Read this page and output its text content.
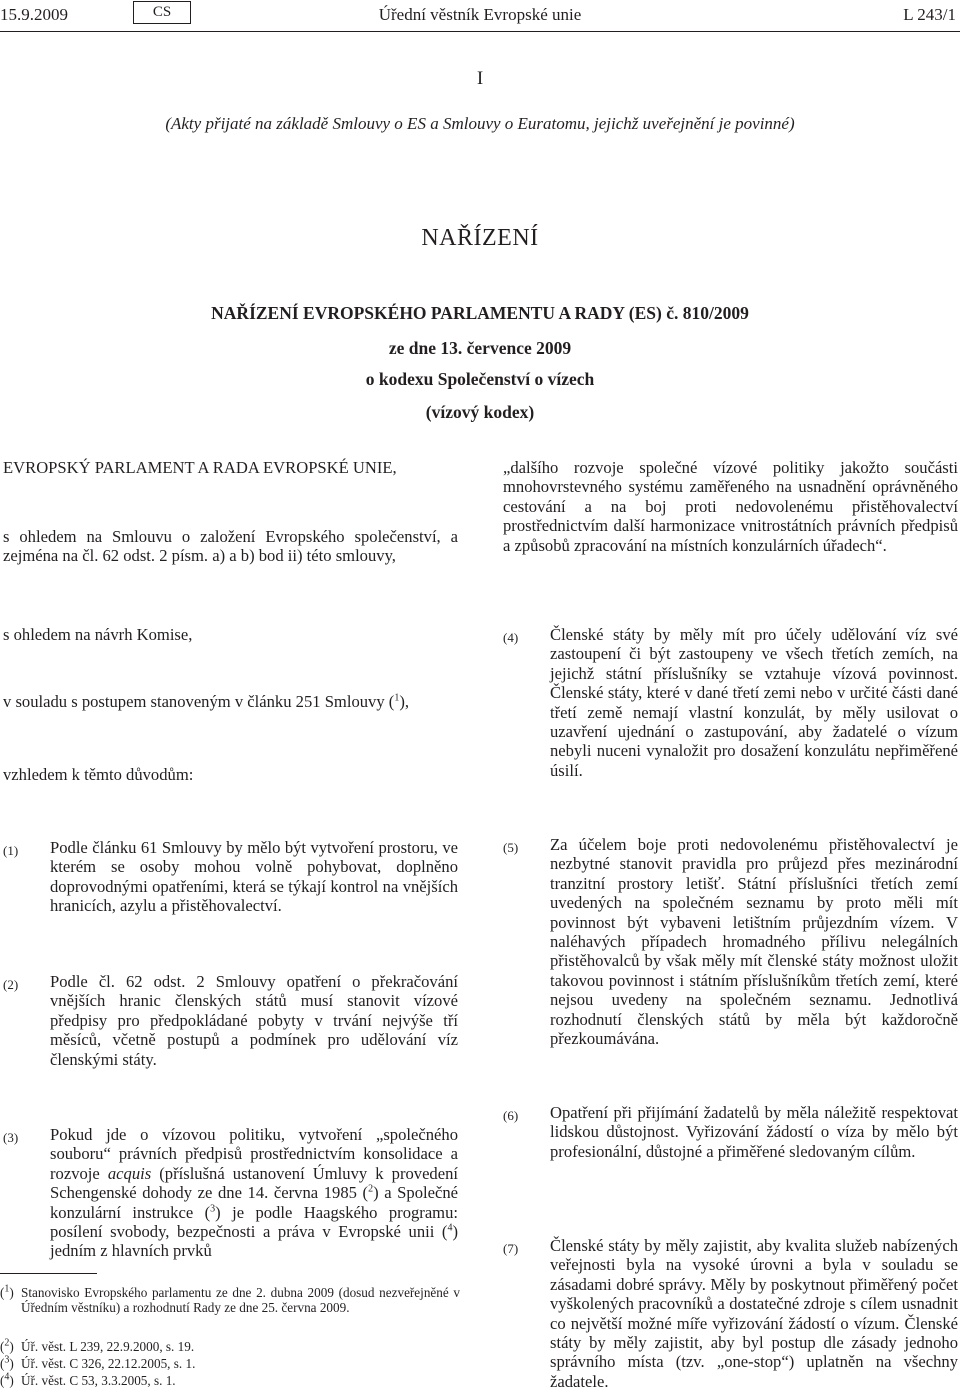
15.9.2009	CS	Úřední věstník Evropské unie	L 243/1
I
(Akty přijaté na základě Smlouvy o ES a Smlouvy o Euratomu, jejichž uveřejnění je povinné)
NAŘÍZENÍ
NAŘÍZENÍ EVROPSKÉHO PARLAMENTU A RADY (ES) č. 810/2009
ze dne 13. července 2009
o kodexu Společenství o vízech
(vízový kodex)

EVROPSKÝ PARLAMENT A RADA EVROPSKÉ UNIE,

s ohledem na Smlouvu o založení Evropského společenství, a zejména na čl. 62 odst. 2 písm. a) a b) bod ii) této smlouvy,

s ohledem na návrh Komise,

v souladu s postupem stanoveným v článku 251 Smlouvy ($^1$),

vzhledem k těmto důvodům:

„dalšího rozvoje společné vízové politiky jakožto součásti mnohovrstevného systému zaměřeného na usnadnění oprávněného cestování a na boj proti nedovolenému přistěhovalectví prostřednictvím další harmonizace vnitrostátních právních předpisů a způsobů zpracování na místních konzulárních úřadech“.

(1) Podle článku 61 Smlouvy by mělo být vytvoření prostoru, ve kterém se osoby mohou volně pohybovat, doplněno doprovodnými opatřeními, která se týkají kontrol na vnějších hranicích, azylu a přistěhovalectví.
(2) Podle čl. 62 odst. 2 Smlouvy opatření o překračování vnějších hranic členských států musí stanovit vízové předpisy pro předpokládané pobyty v trvání nejvýše tří měsíců, včetně postupů a podmínek pro udělování víz členskými státy.
(3) Pokud jde o vízovou politiku, vytvoření „společného souboru“ právních předpisů prostřednictvím konsolidace a rozvoje acquis (příslušná ustanovení Úmluvy k provedení Schengenské dohody ze dne 14. června 1985 ($^2$) a Společné konzulární instrukce ($^3$) je podle Haagského programu: posílení svobody, bezpečnosti a práva v Evropské unii ($^4$) jedním z hlavních prvků
(4) Členské státy by měly mít pro účely udělování víz své zastoupení či být zastoupeny ve všech třetích zemích, na jejichž státní příslušníky se vztahuje vízová povinnost. Členské státy, které v dané třetí zemi nebo v určité části dané třetí země nemají vlastní konzulát, by měly usilovat o uzavření ujednání o zastupování, aby žadatelé o vízum nebyli nuceni vynaložit pro dosažení konzulátu nepřiměřené úsilí.
(5) Za účelem boje proti nedovolenému přistěhovalectví je nezbytné stanovit pravidla pro průjezd přes mezinárodní tranzitní prostory letišť. Státní příslušníci třetích zemí uvedených na společném seznamu by proto měli mít povinnost být vybaveni letištním průjezdním vízem. V naléhavých případech hromadného přílivu nelegálních přistěhovalců by však měly mít členské státy možnost uložit takovou povinnost i státním příslušníkům třetích zemí, které nejsou uvedeny na společném seznamu. Jednotlivá rozhodnutí členských států by měla být každoročně přezkoumávána.
(6) Opatření při přijímání žadatelů by měla náležitě respektovat lidskou důstojnost. Vyřizování žádostí o víza by mělo být profesionální, důstojné a přiměřené sledovaným cílům.
(7) Členské státy by měly zajistit, aby kvalita služeb nabízených veřejnosti byla na vysoké úrovni a byla v souladu se zásadami dobré správy. Měly by poskytnout přiměřený počet vyškolených pracovníků a dostatečné zdroje s cílem usnadnit co největší možné míře vyřizování žádostí o vízum. Členské státy by měly zajistit, aby byl postup dle zásady jednoho správního místa (tzv. „one-stop“) uplatněn na všechny žadatele.
($^1$) Stanovisko Evropského parlamentu ze dne 2. dubna 2009 (dosud nezveřejněné v Úředním věstníku) a rozhodnutí Rady ze dne 25. června 2009.
($^2$) Úř. věst. L 239, 22.9.2000, s. 19.
($^3$) Úř. věst. C 326, 22.12.2005, s. 1.
($^4$) Úř. věst. C 53, 3.3.2005, s. 1.
